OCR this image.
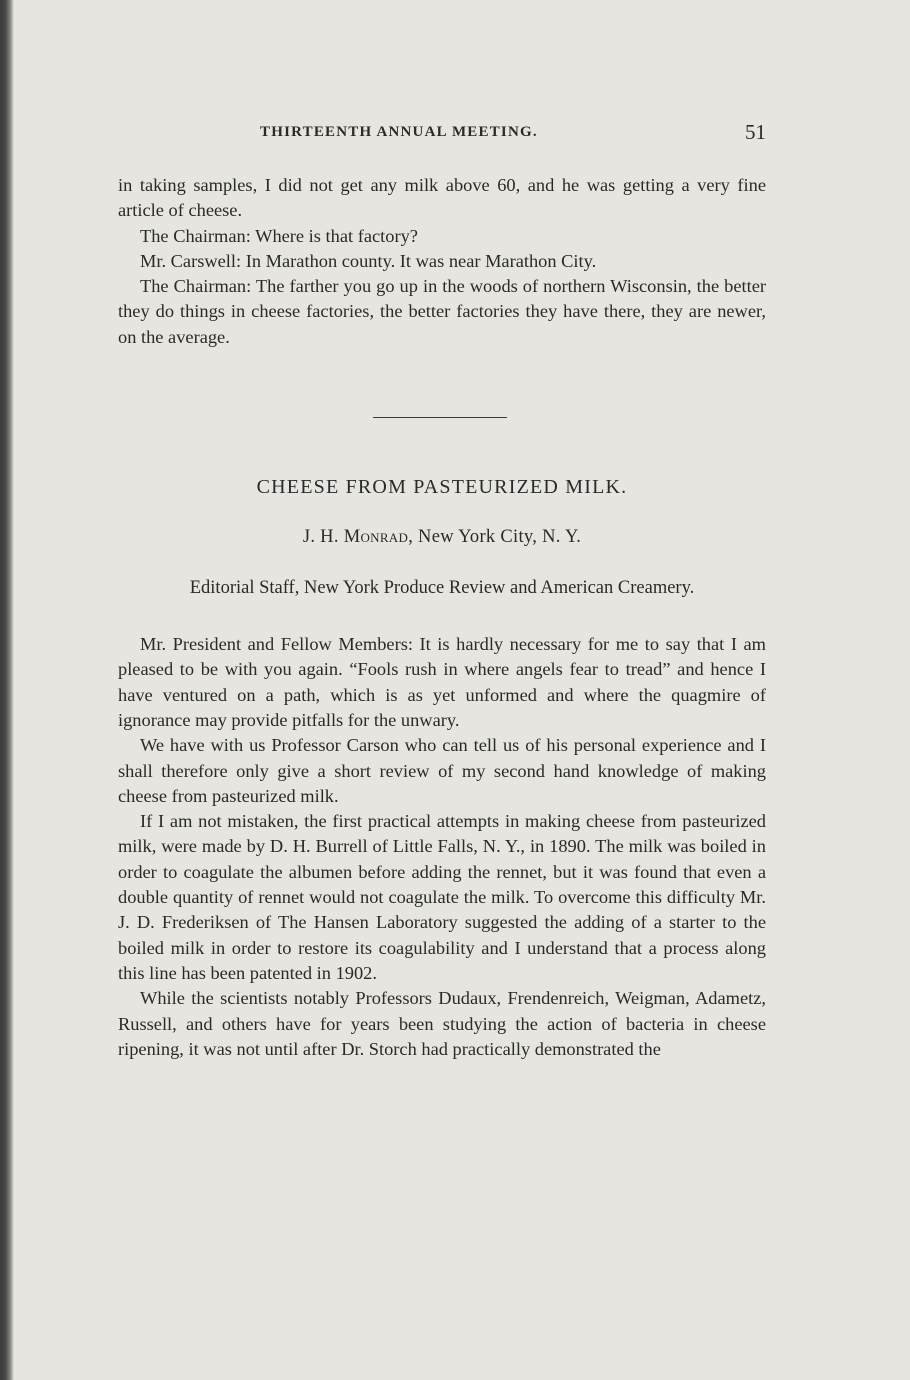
THIRTEENTH ANNUAL MEETING.	51

in taking samples, I did not get any milk above 60, and he was getting a very fine article of cheese.

The Chairman: Where is that factory?

Mr. Carswell: In Marathon county. It was near Marathon City.

The Chairman: The farther you go up in the woods of northern Wisconsin, the better they do things in cheese factories, the better factories they have there, they are newer, on the average.

CHEESE FROM PASTEURIZED MILK.
J. H. Monrad, New York City, N. Y.
Editorial Staff, New York Produce Review and American Creamery.

Mr. President and Fellow Members: It is hardly necessary for me to say that I am pleased to be with you again. “Fools rush in where angels fear to tread” and hence I have ventured on a path, which is as yet unformed and where the quagmire of ignorance may provide pitfalls for the unwary.

We have with us Professor Carson who can tell us of his personal experience and I shall therefore only give a short review of my second hand knowledge of making cheese from pasteurized milk.

If I am not mistaken, the first practical attempts in making cheese from pasteurized milk, were made by D. H. Burrell of Little Falls, N. Y., in 1890. The milk was boiled in order to coagulate the albumen before adding the rennet, but it was found that even a double quantity of rennet would not coagulate the milk. To overcome this difficulty Mr. J. D. Frederiksen of The Hansen Laboratory suggested the adding of a starter to the boiled milk in order to restore its coagulability and I understand that a process along this line has been patented in 1902.

While the scientists notably Professors Dudaux, Frendenreich, Weigman, Adametz, Russell, and others have for years been studying the action of bacteria in cheese ripening, it was not until after Dr. Storch had practically demonstrated the
